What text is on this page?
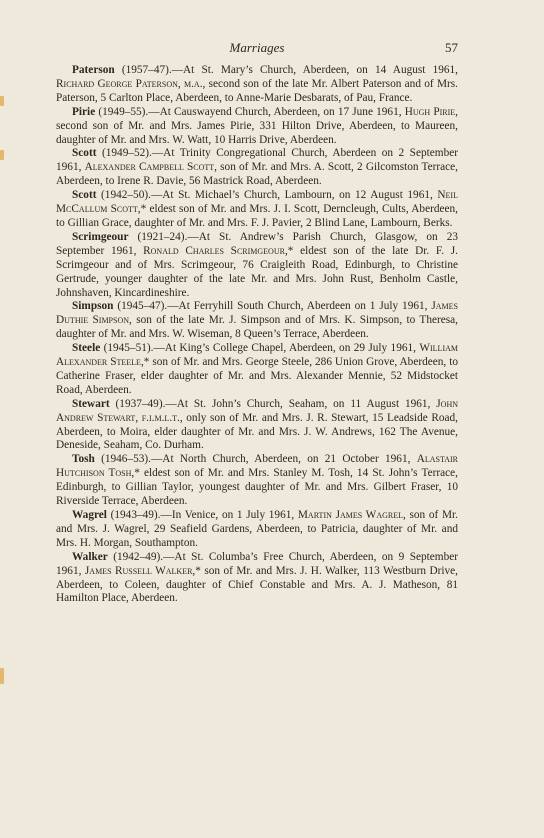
Marriages	57

Paterson (1957–47).—At St. Mary’s Church, Aberdeen, on 14 August 1961, Richard George Paterson, m.a., second son of the late Mr. Albert Paterson and of Mrs. Paterson, 5 Carlton Place, Aberdeen, to Anne-Marie Desbarats, of Pau, France.

Pirie (1949–55).—At Causwayend Church, Aberdeen, on 17 June 1961, Hugh Pirie, second son of Mr. and Mrs. James Pirie, 331 Hilton Drive, Aberdeen, to Maureen, daughter of Mr. and Mrs. W. Watt, 10 Harris Drive, Aberdeen.

Scott (1949–52).—At Trinity Congregational Church, Aberdeen on 2 September 1961, Alexander Campbell Scott, son of Mr. and Mrs. A. Scott, 2 Gilcomston Terrace, Aberdeen, to Irene R. Davie, 56 Mastrick Road, Aberdeen.

Scott (1942–50).—At St. Michael’s Church, Lambourn, on 12 August 1961, Neil McCallum Scott,* eldest son of Mr. and Mrs. J. I. Scott, Derncleugh, Cults, Aberdeen, to Gillian Grace, daughter of Mr. and Mrs. F. J. Pavier, 2 Blind Lane, Lambourn, Berks.

Scrimgeour (1921–24).—At St. Andrew’s Parish Church, Glasgow, on 23 September 1961, Ronald Charles Scrimgeour,* eldest son of the late Dr. F. J. Scrimgeour and of Mrs. Scrimgeour, 76 Craigleith Road, Edinburgh, to Christine Gertrude, younger daughter of the late Mr. and Mrs. John Rust, Benholm Castle, Johnshaven, Kincardineshire.

Simpson (1945–47).—At Ferryhill South Church, Aberdeen on 1 July 1961, James Duthie Simpson, son of the late Mr. J. Simpson and of Mrs. K. Simpson, to Theresa, daughter of Mr. and Mrs. W. Wiseman, 8 Queen’s Terrace, Aberdeen.

Steele (1945–51).—At King’s College Chapel, Aberdeen, on 29 July 1961, William Alexander Steele,* son of Mr. and Mrs. George Steele, 286 Union Grove, Aberdeen, to Catherine Fraser, elder daughter of Mr. and Mrs. Alexander Mennie, 52 Midstocket Road, Aberdeen.

Stewart (1937–49).—At St. John’s Church, Seaham, on 11 August 1961, John Andrew Stewart, f.i.m.l.t., only son of Mr. and Mrs. J. R. Stewart, 15 Leadside Road, Aberdeen, to Moira, elder daughter of Mr. and Mrs. J. W. Andrews, 162 The Avenue, Deneside, Seaham, Co. Durham.

Tosh (1946–53).—At North Church, Aberdeen, on 21 October 1961, Alastair Hutchison Tosh,* eldest son of Mr. and Mrs. Stanley M. Tosh, 14 St. John’s Terrace, Edinburgh, to Gillian Taylor, youngest daughter of Mr. and Mrs. Gilbert Fraser, 10 Riverside Terrace, Aberdeen.

Wagrel (1943–49).—In Venice, on 1 July 1961, Martin James Wagrel, son of Mr. and Mrs. J. Wagrel, 29 Seafield Gardens, Aberdeen, to Patricia, daughter of Mr. and Mrs. H. Morgan, Southampton.

Walker (1942–49).—At St. Columba’s Free Church, Aberdeen, on 9 September 1961, James Russell Walker,* son of Mr. and Mrs. J. H. Walker, 113 Westburn Drive, Aberdeen, to Coleen, daughter of Chief Constable and Mrs. A. J. Matheson, 81 Hamilton Place, Aberdeen.
